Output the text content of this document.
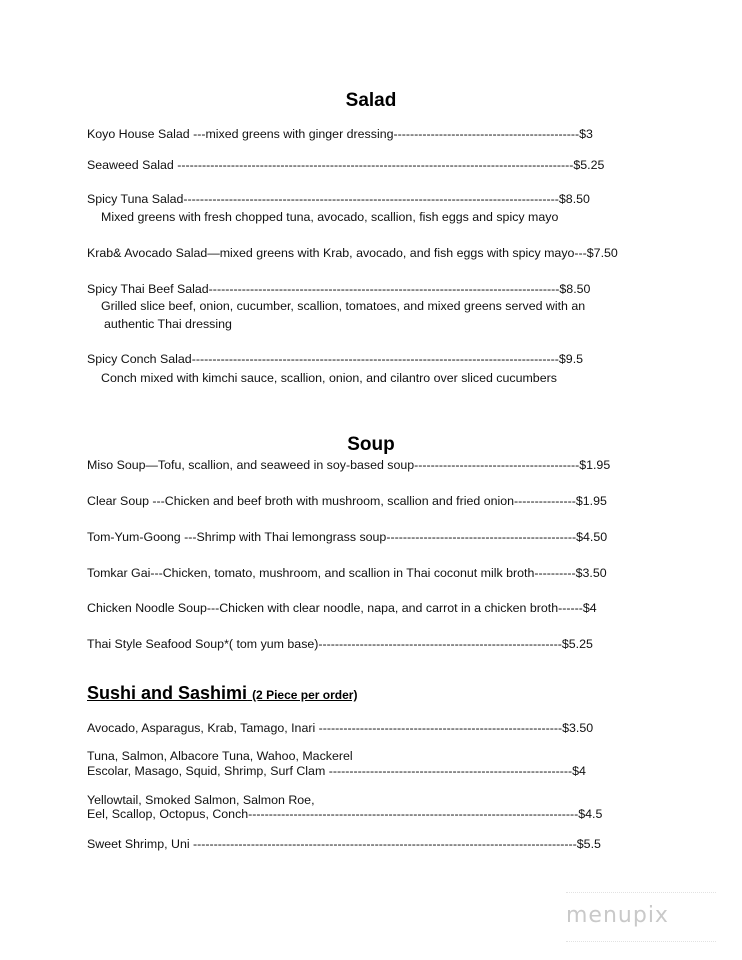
Salad
Koyo House Salad ---mixed greens with ginger dressing---------------------------------------------$3
Seaweed Salad ------------------------------------------------------------------------------------------------$5.25
Spicy Tuna Salad-------------------------------------------------------------------------------------------$8.50
Mixed greens with fresh chopped tuna, avocado, scallion, fish eggs and spicy mayo
Krab& Avocado Salad—mixed greens with Krab, avocado, and fish eggs with spicy mayo---$7.50
Spicy Thai Beef Salad-------------------------------------------------------------------------------------$8.50
Grilled slice beef, onion, cucumber, scallion, tomatoes, and mixed greens served with an
authentic Thai dressing
Spicy Conch Salad-----------------------------------------------------------------------------------------$9.5
Conch mixed with kimchi sauce, scallion, onion, and cilantro over sliced cucumbers
Soup
Miso Soup—Tofu, scallion, and seaweed in soy-based soup----------------------------------------$1.95
Clear Soup ---Chicken and beef broth with mushroom, scallion and fried onion---------------$1.95
Tom-Yum-Goong ---Shrimp with Thai lemongrass soup----------------------------------------------$4.50
Tomkar Gai---Chicken, tomato, mushroom, and scallion in Thai coconut milk broth----------$3.50
Chicken Noodle Soup---Chicken with clear noodle, napa, and carrot in a chicken broth------$4
Thai Style Seafood Soup*( tom yum base)-----------------------------------------------------------$5.25
Sushi and Sashimi (2 Piece per order)
Avocado, Asparagus, Krab, Tamago, Inari -----------------------------------------------------------$3.50
Tuna, Salmon, Albacore Tuna, Wahoo, Mackerel
Escolar, Masago, Squid, Shrimp, Surf Clam -----------------------------------------------------------$4
Yellowtail, Smoked Salmon, Salmon Roe,
Eel, Scallop, Octopus, Conch--------------------------------------------------------------------------------$4.5
Sweet Shrimp, Uni ---------------------------------------------------------------------------------------------$5.5
menupix
